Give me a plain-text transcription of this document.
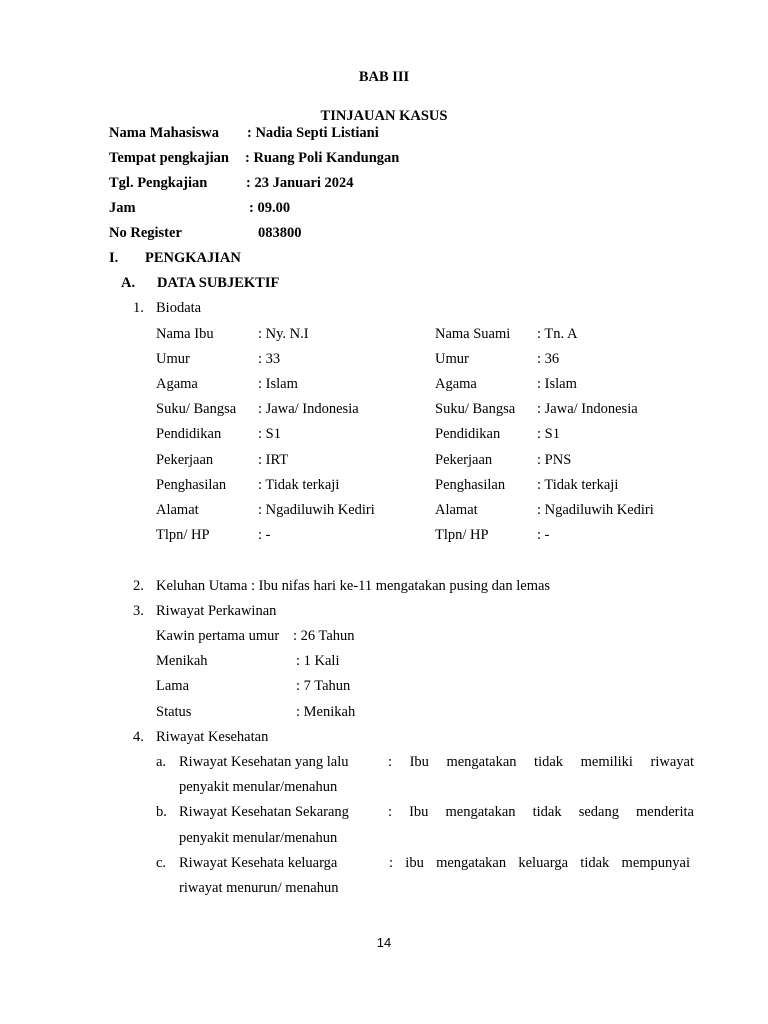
BAB III
TINJAUAN KASUS
Nama Mahasiswa : Nadia Septi Listiani
Tempat pengkajian : Ruang Poli Kandungan
Tgl. Pengkajian	: 23 Januari 2024
Jam	: 09.00
No Register	083800
I. PENGKAJIAN
A. DATA SUBJEKTIF
1. Biodata
Nama Ibu	: Ny. N.I	Nama Suami : Tn. A
Umur	: 33	Umur	: 36
Agama	: Islam	Agama	: Islam
Suku/ Bangsa : Jawa/ Indonesia	Suku/ Bangsa : Jawa/ Indonesia
Pendidikan	: S1	Pendidikan	: S1
Pekerjaan	: IRT	Pekerjaan	: PNS
Penghasilan : Tidak terkaji	Penghasilan : Tidak terkaji
Alamat	: Ngadiluwih Kediri	Alamat	: Ngadiluwih Kediri
Tlpn/ HP	: -	Tlpn/ HP	: -
2. Keluhan Utama : Ibu nifas hari ke-11 mengatakan pusing dan lemas
3. Riwayat Perkawinan
Kawin pertama umur : 26 Tahun
Menikah	: 1 Kali
Lama	: 7 Tahun
Status	: Menikah
4. Riwayat Kesehatan
a. Riwayat Kesehatan yang lalu	: Ibu mengatakan tidak memiliki riwayat
penyakit menular/menahun
b. Riwayat Kesehatan Sekarang	: Ibu mengatakan tidak sedang menderita
penyakit menular/menahun
c. Riwayat Kesehata keluarga	: ibu mengatakan keluarga tidak mempunyai
riwayat menurun/ menahun
14
